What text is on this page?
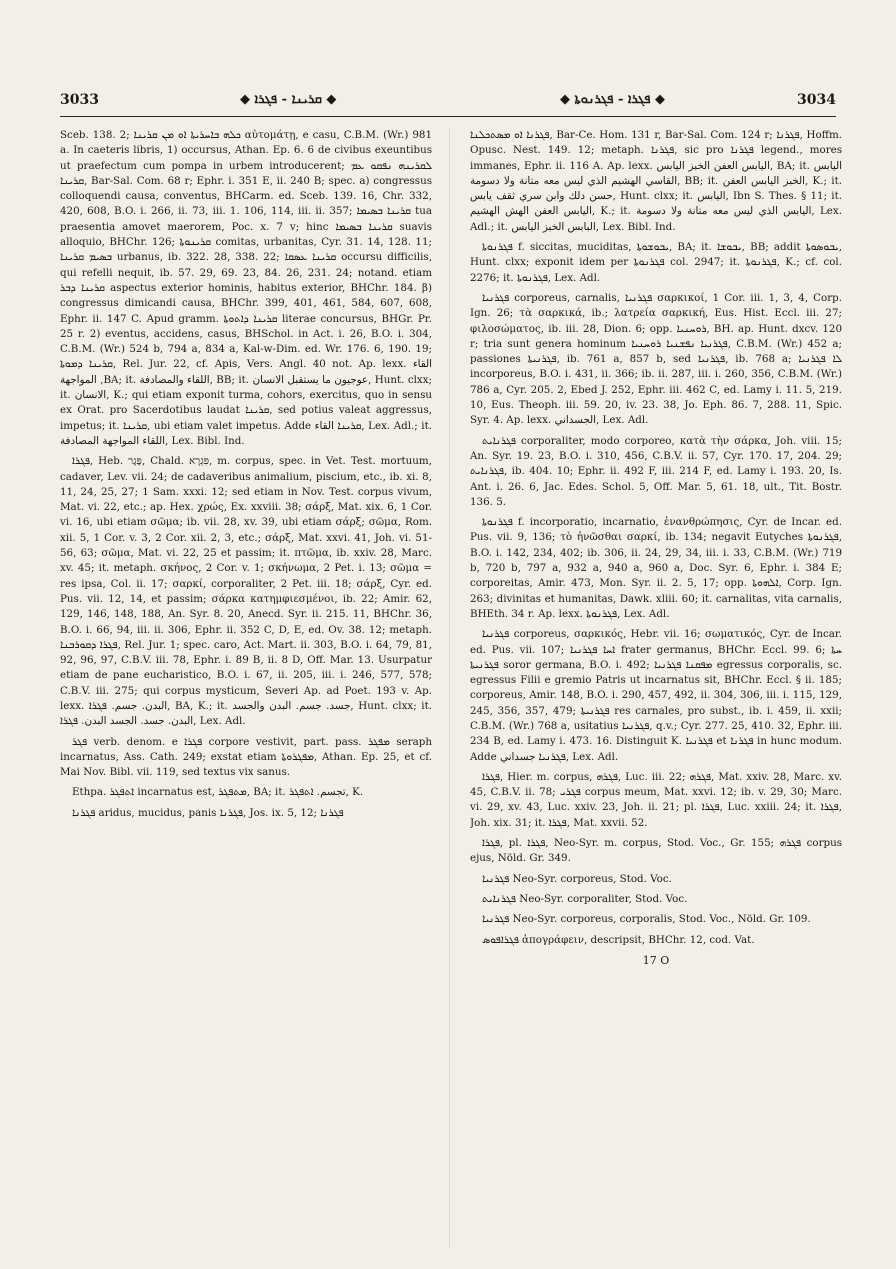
3033	◆ ܩܪܝܢܐ - ܦܓܪܐ ◆	◆ ܦܓܪܐ - ܦܓܪܢܘܬܐ ◆	3034

Sceb. 138. 2; ܟܠܗ ܒܐܚܪܝܬܐ ܐܘ ܡܢ ܩܪܝܢܐ αὐτομάτῃ, e casu, C.B.M. (Wr.) 981 a. In caeteris libris, 1) occursus, Athan. Ep. 6. 6 de civibus exeuntibus ut praefectum cum pompa in urbem introducerent; ܠܩܪܝܢܗ ܢܦܩܘ ܥܡ ܩܪܝܢܐ, Bar-Sal. Com. 68 r; Ephr. i. 351 E, ii. 240 B; spec. a) congressus colloquendi causa, conventus, BHCarm. ed. Sceb. 139. 16, Chr. 332, 420, 608, B.O. i. 266, ii. 73, iii. 1. 106, 114, iii. ii. 357; ܩܪܝܢܐ ܒܣܝܡܐ tua praesentia amovet maerorem, Poc. x. 7 v; hinc ܩܪܝܢܐ ܒܣܝܡܐ suavis alloquio, BHChr. 126; ܩܪܝܢܘܬܐ comitas, urbanitas, Cyr. 31. 14, 128. 11; ܒܣܝܡ ܩܪܝܢܐ urbanus, ib. 322. 28, 338. 22; ܩܪܝܢܐ ܥܣܩܐ occursu difficilis, qui refelli nequit, ib. 57. 29, 69. 23, 84. 26, 231. 24; notand. etiam ܩܪܝܢܐ ܕܒܪ aspectus exterior hominis, habitus exterior, BHChr. 184. β) congressus dimicandi causa, BHChr. 399, 401, 461, 584, 607, 608, Ephr. ii. 147 C. Apud gramm. ܩܪܝܢܐ ܕܐܬܘܬܐ literae concursus, BHGr. Pr. 25 r. 2) eventus, accidens, casus, BHSchol. in Act. i. 26, B.O. i. 304, C.B.M. (Wr.) 524 b, 794 a, 834 a, Kal-w-Dim. ed. Wr. 176. 6, 190. 19; ܩܪܝܢܐ ܕܡܘܬܐ, Rel. Jur. 22, cf. Apis, Vers. Angl. 40 not. Ap. lexx. القاء المواجهة ,BA; it. اللقاء والمصادفة, BB; it. عوجيون ما يستقبل الانسان, Hunt. clxx; it. الانسان, K.; qui etiam exponit turma, cohors, exercitus, quo in sensu ex Orat. pro Sacerdotibus laudat ܩܪܝܢܐ, sed potius valeat aggressus, impetus; it. ܩܪܝܢܐ, ubi etiam valet impetus. Adde ܩܪܝܢܐ القاء, Lex. Adl.; it. اللقاء المواجهة المصادفة, Lex. Bibl. Ind.

ܦܓܪܐ, Heb. פֶּגֶר, Chald. פִּגְרָא, m. corpus, spec. in Vet. Test. mortuum, cadaver, Lev. vii. 24; de cadaveribus animalium, piscium, etc., ib. xi. 8, 11, 24, 25, 27; 1 Sam. xxxi. 12; sed etiam in Nov. Test. corpus vivum, Mat. vi. 22, etc.; ap. Hex. χρώς, Ex. xxviii. 38; σάρξ, Mat. xix. 6, 1 Cor. vi. 16, ubi etiam σῶμα; ib. vii. 28, xv. 39, ubi etiam σάρξ; σῶμα, Rom. xii. 5, 1 Cor. v. 3, 2 Cor. xii. 2, 3, etc.; σάρξ, Mat. xxvi. 41, Joh. vi. 51-56, 63; σῶμα, Mat. vi. 22, 25 et passim; it. πτῶμα, ib. xxiv. 28, Marc. xv. 45; it. metaph. σκήνος, 2 Cor. v. 1; σκήνωμα, 2 Pet. i. 13; σῶμα = res ipsa, Col. ii. 17; σαρκί, corporaliter, 2 Pet. iii. 18; σάρξ, Cyr. ed. Pus. vii. 12, 14, et passim; σάρκα κατημφιεσμένοι, ib. 22; Amir. 62, 129, 146, 148, 188, An. Syr. 8. 20, Anecd. Syr. ii. 215. 11, BHChr. 36, B.O. i. 66, 94, iii. ii. 306, Ephr. ii. 352 C, D, E, ed. Ov. 38. 12; metaph. ܦܓܪܐ ܕܩܘܪܒܢܐ, Rel. Jur. 1; spec. caro, Act. Mart. ii. 303, B.O. i. 64, 79, 81, 92, 96, 97, C.B.V. iii. 78, Ephr. i. 89 B, ii. 8 D, Off. Mar. 13. Usurpatur etiam de pane eucharistico, B.O. i. 67, ii. 205, iii. i. 246, 577, 578; C.B.V. iii. 275; qui corpus mysticum, Severi Ap. ad Poet. 193 v. Ap. lexx. البدن. جسم. ܦܓܪܐ, BA, K.; it. جسد. جسم. البدن والجسد, Hunt. clxx; it. البدن. جسد. الجسد البدن. ܦܓܪܐ, Lex. Adl.

ܦܓܪ verb. denom. e ܦܓܪܐ corpore vestivit, part. pass. ܡܦܓܪ seraph incarnatus, Ass. Cath. 249; exstat etiam ܡܦܓܪܘܬܐ, Athan. Ep. 25, et cf. Mai Nov. Bibl. vii. 119, sed textus vix sanus.

Ethpa. ܐܬܦܓܪ incarnatus est, ܡܬܦܓܪ, BA; it. تجسم. ܐܬܦܓܪ, K.

ܦܓܪܢܐ aridus, mucidus, panis ܦܓܪܢܐ, Jos. ix. 5, 12; ܦܓܪܢܐ

ܦܓܪܢܐ ܐܘ ܡܣܬܟܠܢܐ, Bar-Ce. Hom. 131 r, Bar-Sal. Com. 124 r; ܦܓܪܢܐ, Hoffm. Opusc. Nest. 149. 12; metaph. ܦܓܪܢܐ, sic pro ܦܓܪܢܐ legend., mores immanes, Ephr. ii. 116 A. Ap. lexx. اليابس العفن الخبز اليابس, BA; it. اليابس القاسي الهشيم الذي ليس معه متانة ولا دسومة, BB; it. الخبز اليابس العفن, K.; it. حسن دلك وابن سري ثقف يابس, Hunt. clxx; it. اليابس, Ibn S. Thes. § 11; it. اليابس العفن الهش الهشيم, K.; it. اليابس الذي ليس معه متانة ولا دسومة, Lex. Adl.; it. البابس الخبز اليابس, Lex. Bibl. Ind.

ܦܓܪܢܘܬܐ f. siccitas, muciditas, ܝܒܘܫܘܬܐ, BA; it. ܝܒܘܫܐ, BB; addit ܝܒܘܣܘܬܐ, Hunt. clxx; exponit idem per ܦܓܪܢܘܬܐ col. 2947; it. ܦܓܪܢܘܬܐ, K.; cf. col. 2276; it. ܦܓܪܢܘܬܐ, Lex. Adl.

ܦܓܪܢܝܐ corporeus, carnalis, ܦܓܪܢܝܐ σαρκικοί, 1 Cor. iii. 1, 3, 4, Corp. Ign. 26; τὰ σαρκικά, ib.; λατρεία σαρκική, Eus. Hist. Eccl. iii. 27; φιλοσώματος, ib. iii. 28, Dion. 6; opp. ܪܘܚܢܝܐ, BH. ap. Hunt. dxcv. 120 r; tria sunt genera hominum ܦܓܪܢܝܐ ܢܦܫܢܝܐ ܪܘܚܢܝܐ, C.B.M. (Wr.) 452 a; passiones ܦܓܪܢܝܬܐ, ib. 761 a, 857 b, sed ܦܓܪܢܝܐ, ib. 768 a; ܠܐ ܦܓܪܢܝܐ incorporeus, B.O. i. 431, ii. 366; ib. ii. 287, iii. i. 260, 356, C.B.M. (Wr.) 786 a, Cyr. 205. 2, Ebed J. 252, Ephr. iii. 462 C, ed. Lamy i. 11. 5, 219. 10, Eus. Theoph. iii. 59. 20, iv. 23. 38, Jo. Eph. 86. 7, 288. 11, Spic. Syr. 4. Ap. lexx. الجسداني, Lex. Adl.

ܦܓܪܢܐܝܬ corporaliter, modo corporeo, κατὰ τὴν σάρκα, Joh. viii. 15; An. Syr. 19. 23, B.O. i. 310, 456, C.B.V. ii. 57, Cyr. 170. 17, 204. 29; ܦܓܪܢܐܝܬ, ib. 404. 10; Ephr. ii. 492 F, iii. 214 F, ed. Lamy i. 193. 20, Is. Ant. i. 26. 6, Jac. Edes. Schol. 5, Off. Mar. 5, 61. 18, ult., Tit. Bostr. 136. 5.

ܦܓܪܢܘܬܐ f. incorporatio, incarnatio, ἐνανθρώπησις, Cyr. de Incar. ed. Pus. vii. 9, 136; τὸ ἡνῶσθαι σαρκί, ib. 134; negavit Eutyches ܦܓܪܢܘܬܐ, B.O. i. 142, 234, 402; ib. 306, ii. 24, 29, 34, iii. i. 33, C.B.M. (Wr.) 719 b, 720 b, 797 a, 932 a, 940 a, 960 a, Doc. Syr. 6, Ephr. i. 384 E; corporeitas, Amir. 473, Mon. Syr. ii. 2. 5, 17; opp. ܐܠܗܘܬܐ, Corp. Ign. 263; divinitas et humanitas, Dawk. xliii. 60; it. carnalitas, vita carnalis, BHEth. 34 r. Ap. lexx. ܦܓܪܢܘܬܐ, Lex. Adl.

ܦܓܪܢܝܐ corporeus, σαρκικός, Hebr. vii. 16; σωματικός, Cyr. de Incar. ed. Pus. vii. 107; ܐܚܐ ܦܓܪܢܝܐ frater germanus, BHChr. Eccl. 99. 6; ܚܬܐ ܦܓܪܢܝܬܐ soror germana, B.O. i. 492; ܡܦܩܢܐ ܦܓܪܢܝܐ egressus corporalis, sc. egressus Filii e gremio Patris ut incarnatus sit, BHChr. Eccl. § ii. 185; corporeus, Amir. 148, B.O. i. 290, 457, 492, ii. 304, 306, iii. i. 115, 129, 245, 356, 357, 479; ܦܓܪܢܝܬܐ res carnales, pro subst., ib. i. 459, ii. xxii; C.B.M. (Wr.) 768 a, usitatius ܦܓܪܢܝܐ, q.v.; Cyr. 277. 25, 410. 32, Ephr. iii. 234 B, ed. Lamy i. 473. 16. Distinguit K. ܦܓܪܢܝܐ et ܦܓܪܢܐ in hunc modum. Adde ܦܓܪܢܝܐ جسداني, Lex. Adl.

ܦܓܪܐ, Hier. m. corpus, ܦܓܪܗ, Luc. iii. 22; ܦܓܪܗ, Mat. xxiv. 28, Marc. xv. 45, C.B.V. ii. 78; ܦܓܪܝ corpus meum, Mat. xxvi. 12; ib. v. 29, 30; Marc. vi. 29, xv. 43, Luc. xxiv. 23, Joh. ii. 21; pl. ܦܓܪܐ, Luc. xxiii. 24; it. ܦܓܪܐ, Joh. xix. 31; it. ܦܓܪܐ, Mat. xxvii. 52.

ܦܓܪܐ, pl. ܦܓܪܐ, Neo-Syr. m. corpus, Stod. Voc., Gr. 155; ܦܓܪܗ corpus ejus, Nöld. Gr. 349.

ܦܓܪܢܝܐ Neo-Syr. corporeus, Stod. Voc.

ܦܓܪܢܐܝܬ Neo-Syr. corporaliter, Stod. Voc.

ܦܓܪܢܝܐ Neo-Syr. corporeus, corporalis, Stod. Voc., Nöld. Gr. 109.

ܦܓܪܐܦܘܣ ἀπογράφειν, descripsit, BHChr. 12, cod. Vat.

17 O
